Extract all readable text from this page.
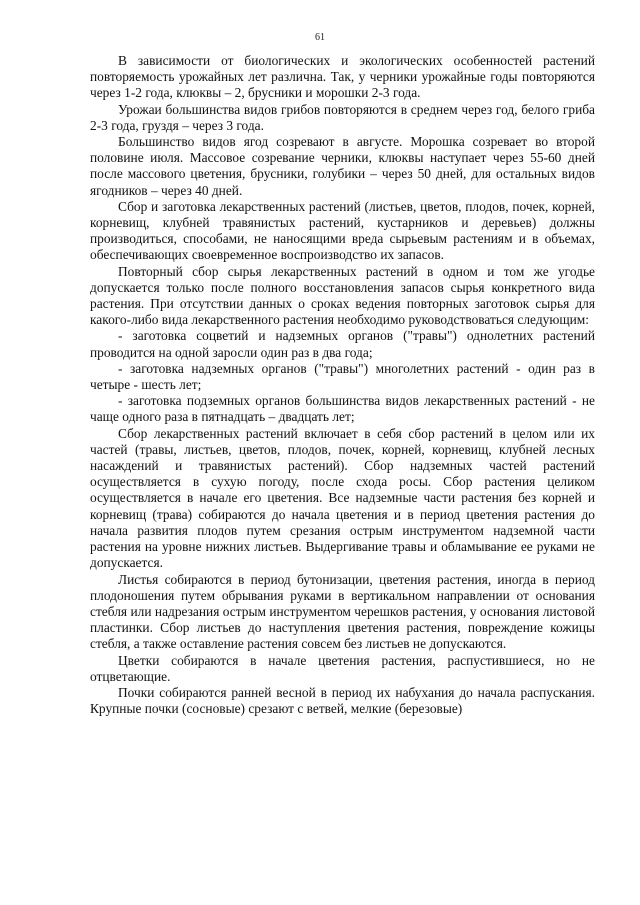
61

В зависимости от биологических и экологических особенностей растений повторяемость урожайных лет различна. Так, у черники урожайные годы повторяются через 1-2 года, клюквы – 2, брусники и морошки 2-3 года.

Урожаи большинства видов грибов повторяются в среднем через год, белого гриба 2-3 года, груздя – через 3 года.

Большинство видов ягод созревают в августе. Морошка созревает во второй половине июля. Массовое созревание черники, клюквы наступает через 55-60 дней после массового цветения, брусники, голубики – через 50 дней, для остальных видов ягодников – через 40 дней.

Сбор и заготовка лекарственных растений (листьев, цветов, плодов, почек, корней, корневищ, клубней травянистых растений, кустарников и деревьев) должны производиться, способами, не наносящими вреда сырьевым растениям и в объемах, обеспечивающих своевременное воспроизводство их запасов.

Повторный сбор сырья лекарственных растений в одном и том же угодье допускается только после полного восстановления запасов сырья конкретного вида растения. При отсутствии данных о сроках ведения повторных заготовок сырья для какого-либо вида лекарственного растения необходимо руководствоваться следующим:

- заготовка соцветий и надземных органов ("травы") однолетних растений проводится на одной заросли один раз в два года;

- заготовка надземных органов ("травы") многолетних растений - один раз в четыре - шесть лет;

- заготовка подземных органов большинства видов лекарственных растений - не чаще одного раза в пятнадцать – двадцать лет;

Сбор лекарственных растений включает в себя сбор растений в целом или их частей (травы, листьев, цветов, плодов, почек, корней, корневищ, клубней лесных насаждений и травянистых растений). Сбор надземных частей растений осуществляется в сухую погоду, после схода росы. Сбор растения целиком осуществляется в начале его цветения. Все надземные части растения без корней и корневищ (трава) собираются до начала цветения и в период цветения растения до начала развития плодов путем срезания острым инструментом надземной части растения на уровне нижних листьев. Выдергивание травы и обламывание ее руками не допускается.

Листья собираются в период бутонизации, цветения растения, иногда в период плодоношения путем обрывания руками в вертикальном направлении от основания стебля или надрезания острым инструментом черешков растения, у основания листовой пластинки. Сбор листьев до наступления цветения растения, повреждение кожицы стебля, а также оставление растения совсем без листьев не допускаются.

Цветки собираются в начале цветения растения, распустившиеся, но не отцветающие.

Почки собираются ранней весной в период их набухания до начала распускания. Крупные почки (сосновые) срезают с ветвей, мелкие (березовые)
